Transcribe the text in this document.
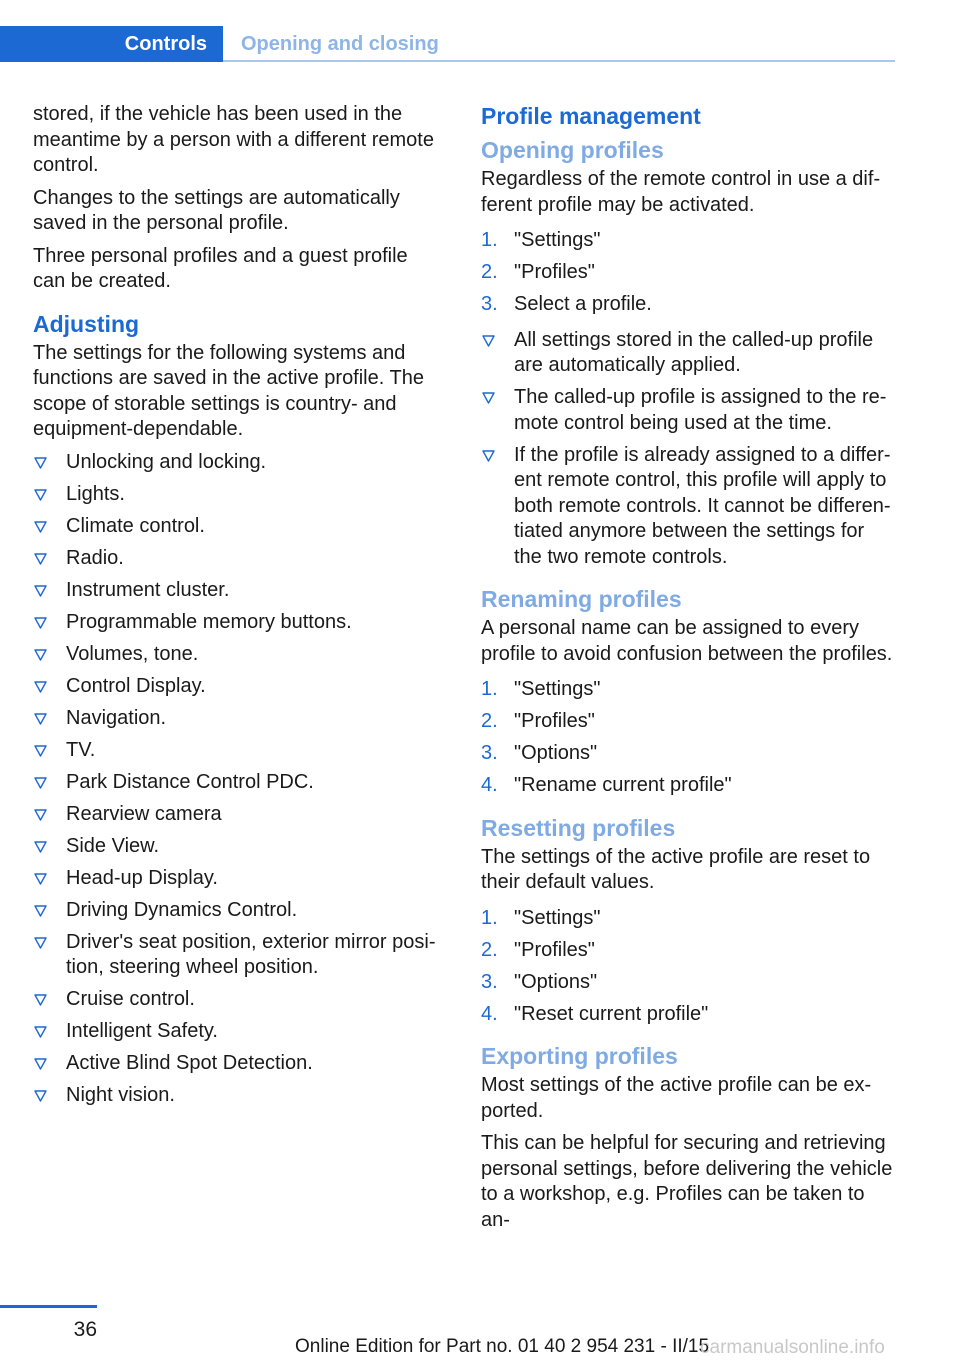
Controls	Opening and closing

stored, if the vehicle has been used in the meantime by a person with a different remote control.

Changes to the settings are automatically saved in the personal profile.

Three personal profiles and a guest profile can be created.

Adjusting

The settings for the following systems and functions are saved in the active profile. The scope of storable settings is country- and equipment-dependable.

Unlocking and locking.
Lights.
Climate control.
Radio.
Instrument cluster.
Programmable memory buttons.
Volumes, tone.
Control Display.
Navigation.
TV.
Park Distance Control PDC.
Rearview camera
Side View.
Head-up Display.
Driving Dynamics Control.
Driver's seat position, exterior mirror position, steering wheel position.
Cruise control.
Intelligent Safety.
Active Blind Spot Detection.
Night vision.
Profile management
Opening profiles

Regardless of the remote control in use a different profile may be activated.

1. "Settings"
2. "Profiles"
3. Select a profile.
All settings stored in the called-up profile are automatically applied.
The called-up profile is assigned to the remote control being used at the time.
If the profile is already assigned to a different remote control, this profile will apply to both remote controls. It cannot be differentiated anymore between the settings for the two remote controls.
Renaming profiles

A personal name can be assigned to every profile to avoid confusion between the profiles.

1. "Settings"
2. "Profiles"
3. "Options"
4. "Rename current profile"
Resetting profiles

The settings of the active profile are reset to their default values.

1. "Settings"
2. "Profiles"
3. "Options"
4. "Reset current profile"
Exporting profiles

Most settings of the active profile can be exported.

This can be helpful for securing and retrieving personal settings, before delivering the vehicle to a workshop, e.g. Profiles can be taken to an-

36
Online Edition for Part no. 01 40 2 954 231 - II/15
carmanualsonline.info
